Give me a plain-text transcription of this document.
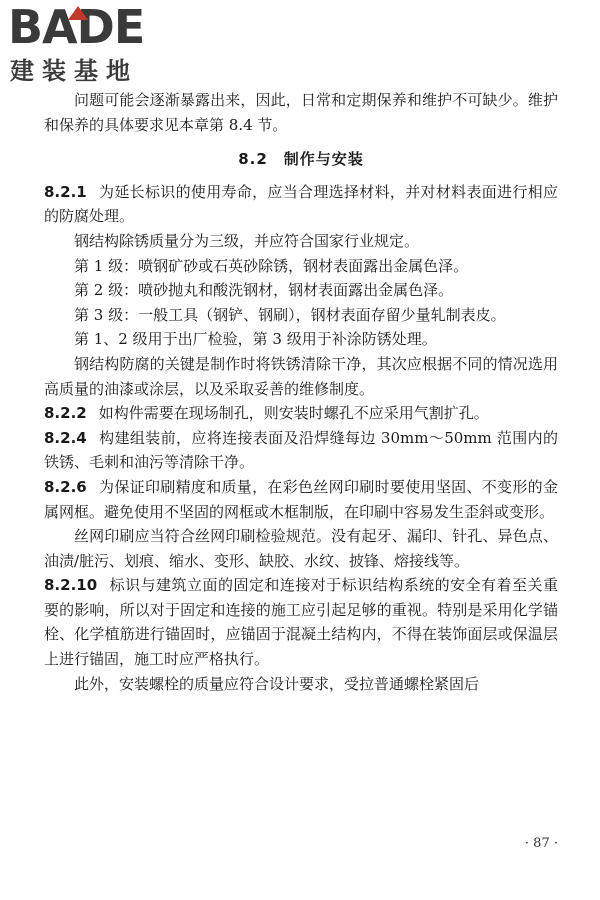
BADE
建装基地

问题可能会逐渐暴露出来，因此，日常和定期保养和维护不可缺少。维护和保养的具体要求见本章第 8.4 节。

8.2　制作与安装

8.2.1 为延长标识的使用寿命，应当合理选择材料，并对材料表面进行相应的防腐处理。

钢结构除锈质量分为三级，并应符合国家行业规定。

第 1 级：喷钢矿砂或石英砂除锈，钢材表面露出金属色泽。

第 2 级：喷砂抛丸和酸洗钢材，钢材表面露出金属色泽。

第 3 级：一般工具（钢铲、钢刷），钢材表面存留少量轧制表皮。

第 1、2 级用于出厂检验，第 3 级用于补涂防锈处理。

钢结构防腐的关键是制作时将铁锈清除干净，其次应根据不同的情况选用高质量的油漆或涂层，以及采取妥善的维修制度。

8.2.2 如构件需要在现场制孔，则安装时螺孔不应采用气割扩孔。

8.2.4 构建组装前，应将连接表面及沿焊缝每边 30mm～50mm 范围内的铁锈、毛刺和油污等清除干净。

8.2.6 为保证印刷精度和质量，在彩色丝网印刷时要使用坚固、不变形的金属网框。避免使用不坚固的网框或木框制版，在印刷中容易发生歪斜或变形。

丝网印刷应当符合丝网印刷检验规范。没有起牙、漏印、针孔、异色点、油渍/脏污、划痕、缩水、变形、缺胶、水纹、披锋、熔接线等。

8.2.10 标识与建筑立面的固定和连接对于标识结构系统的安全有着至关重要的影响，所以对于固定和连接的施工应引起足够的重视。特别是采用化学锚栓、化学植筋进行锚固时，应锚固于混凝土结构内，不得在装饰面层或保温层上进行锚固，施工时应严格执行。

此外，安装螺栓的质量应符合设计要求，受拉普通螺栓紧固后

· 87 ·
